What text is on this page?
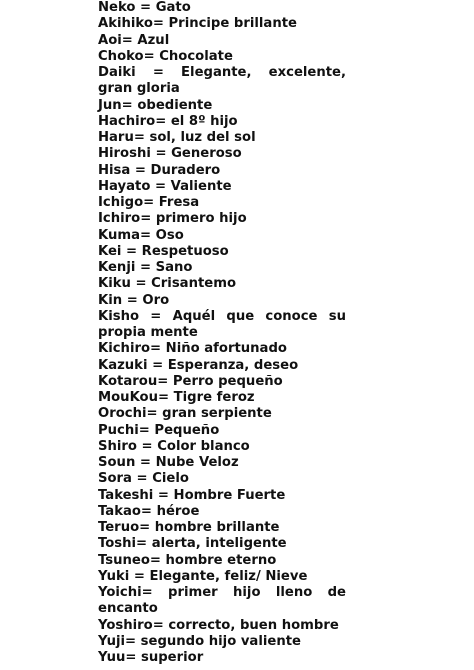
Neko = Gato

Akihiko= Principe brillante

Aoi= Azul

Choko= Chocolate

Daiki = Elegante, excelente, gran gloria

Jun= obediente

Hachiro= el 8º hijo

Haru= sol, luz del sol

Hiroshi = Generoso

Hisa = Duradero

Hayato = Valiente

Ichigo= Fresa

Ichiro= primero hijo

Kuma= Oso

Kei = Respetuoso

Kenji = Sano

Kiku = Crisantemo

Kin = Oro

Kisho = Aquél que conoce su propia mente

Kichiro= Niño afortunado

Kazuki = Esperanza, deseo

Kotarou= Perro pequeño

MouKou= Tigre feroz

Orochi= gran serpiente

Puchi= Pequeño

Shiro = Color blanco

Soun = Nube Veloz

Sora = Cielo

Takeshi = Hombre Fuerte

Takao= héroe

Teruo= hombre brillante

Toshi= alerta, inteligente

Tsuneo= hombre eterno

Yuki = Elegante, feliz/ Nieve

Yoichi= primer hijo lleno de encanto

Yoshiro= correcto, buen hombre

Yuji= segundo hijo valiente

Yuu= superior
